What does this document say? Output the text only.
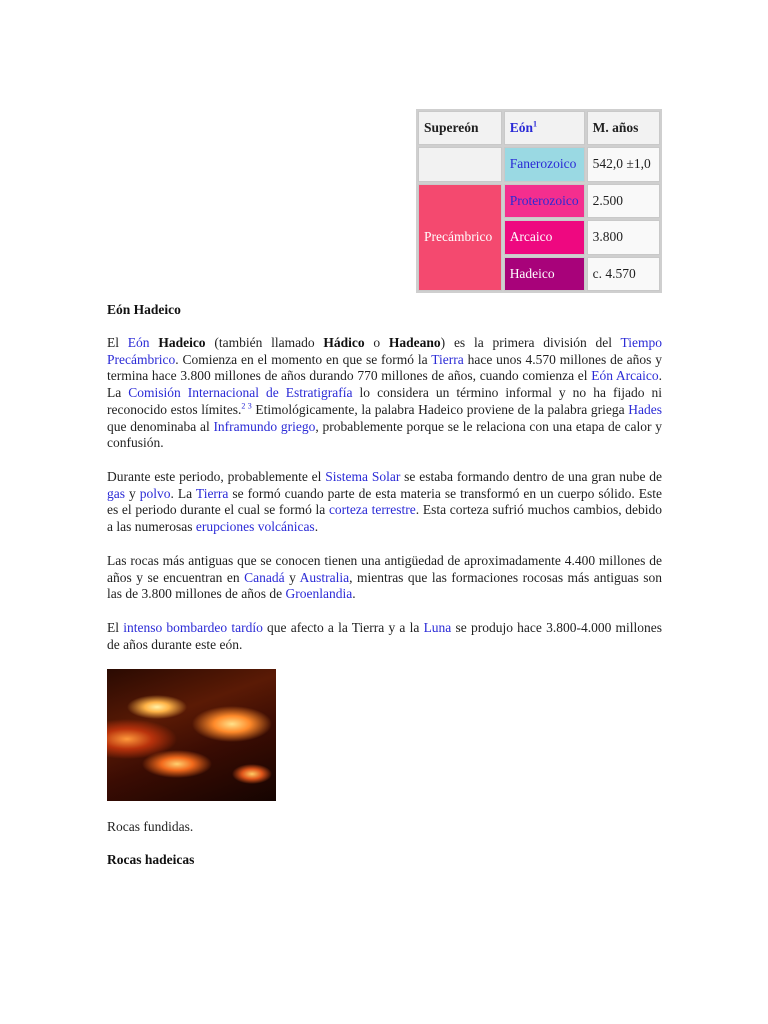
Supereón	Eón$^1$	M. años
	Fanerozoico	542,0 ±1,0
Precámbrico	Proterozoico	2.500
	Arcaico	3.800
	Hadeico	c. 4.570
Eón Hadeico

El Eón Hadeico (también llamado Hádico o Hadeano) es la primera división del Tiempo Precámbrico. Comienza en el momento en que se formó la Tierra hace unos 4.570 millones de años y termina hace 3.800 millones de años durando 770 millones de años, cuando comienza el Eón Arcaico. La Comisión Internacional de Estratigrafía lo considera un término informal y no ha fijado ni reconocido estos límites.$^{2 3}$ Etimológicamente, la palabra Hadeico proviene de la palabra griega Hades que denominaba al Inframundo griego, probablemente porque se le relaciona con una etapa de calor y confusión.

Durante este periodo, probablemente el Sistema Solar se estaba formando dentro de una gran nube de gas y polvo. La Tierra se formó cuando parte de esta materia se transformó en un cuerpo sólido. Este es el periodo durante el cual se formó la corteza terrestre. Esta corteza sufrió muchos cambios, debido a las numerosas erupciones volcánicas.

Las rocas más antiguas que se conocen tienen una antigüedad de aproximadamente 4.400 millones de años y se encuentran en Canadá y Australia, mientras que las formaciones rocosas más antiguas son las de 3.800 millones de años de Groenlandia.

El intenso bombardeo tardío que afecto a la Tierra y a la Luna se produjo hace 3.800-4.000 millones de años durante este eón.

Rocas fundidas.

Rocas hadeicas
